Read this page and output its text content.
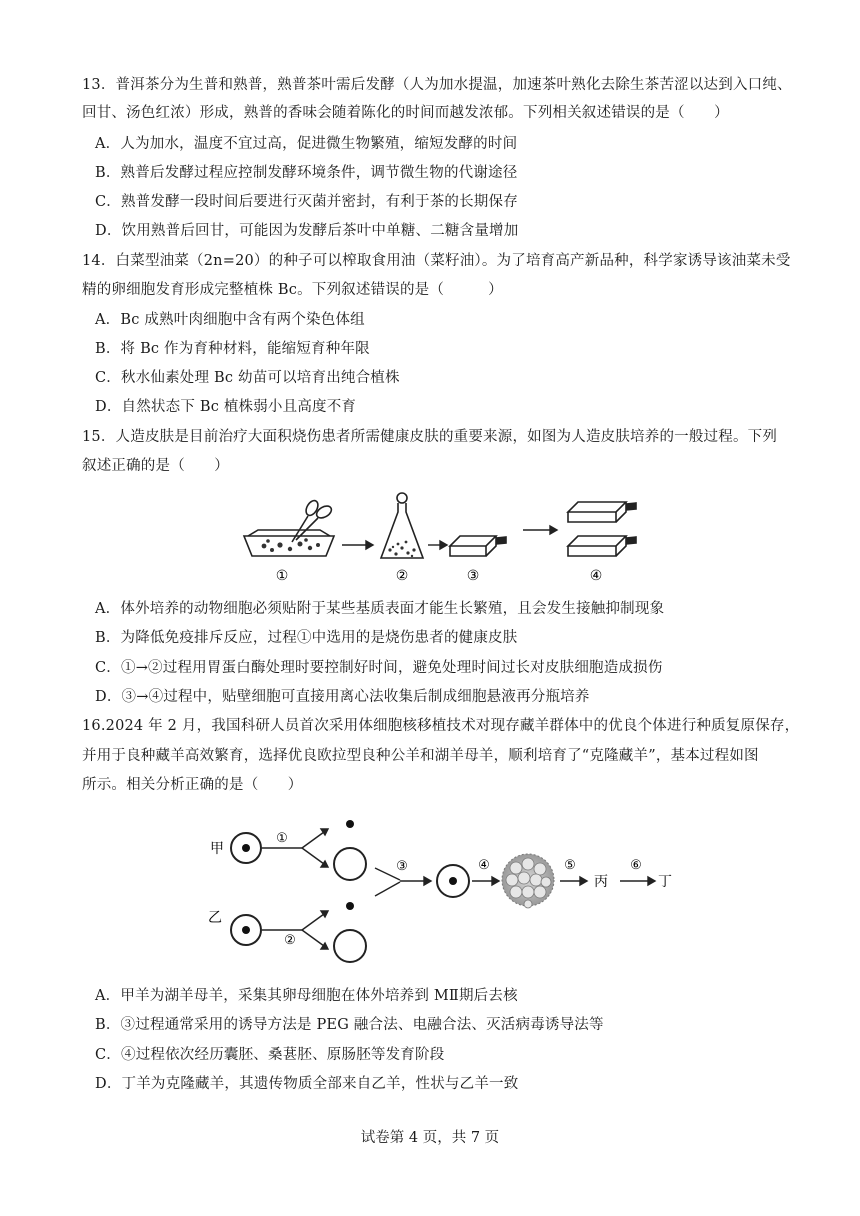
13．普洱茶分为生普和熟普，熟普茶叶需后发酵（人为加水提温，加速茶叶熟化去除生茶苦涩以达到入口纯、
回甘、汤色红浓）形成，熟普的香味会随着陈化的时间而越发浓郁。下列相关叙述错误的是（　　）
A．人为加水，温度不宜过高，促进微生物繁殖，缩短发酵的时间
B．熟普后发酵过程应控制发酵环境条件，调节微生物的代谢途径
C．熟普发酵一段时间后要进行灭菌并密封，有利于茶的长期保存
D．饮用熟普后回甘，可能因为发酵后茶叶中单糖、二糖含量增加
14．白菜型油菜（2n=20）的种子可以榨取食用油（菜籽油）。为了培育高产新品种，科学家诱导该油菜未受
精的卵细胞发育形成完整植株 Bc。下列叙述错误的是（　　　）
A．Bc 成熟叶肉细胞中含有两个染色体组
B．将 Bc 作为育种材料，能缩短育种年限
C．秋水仙素处理 Bc 幼苗可以培育出纯合植株
D．自然状态下 Bc 植株弱小且高度不育
15．人造皮肤是目前治疗大面积烧伤患者所需健康皮肤的重要来源，如图为人造皮肤培养的一般过程。下列
叙述正确的是（　　）
①	②	③	④
A．体外培养的动物细胞必须贴附于某些基质表面才能生长繁殖，且会发生接触抑制现象
B．为降低免疫排斥反应，过程①中选用的是烧伤患者的健康皮肤
C．①→②过程用胃蛋白酶处理时要控制好时间，避免处理时间过长对皮肤细胞造成损伤
D．③→④过程中，贴壁细胞可直接用离心法收集后制成细胞悬液再分瓶培养
16.2024 年 2 月，我国科研人员首次采用体细胞核移植技术对现存藏羊群体中的优良个体进行种质复原保存，
并用于良种藏羊高效繁育，选择优良欧拉型良种公羊和湖羊母羊，顺利培育了“克隆藏羊”，基本过程如图
所示。相关分析正确的是（　　）
甲
①
乙
②
③	④	⑤
丙
⑥
丁
A．甲羊为湖羊母羊，采集其卵母细胞在体外培养到 MⅡ期后去核
B．③过程通常采用的诱导方法是 PEG 融合法、电融合法、灭活病毒诱导法等
C．④过程依次经历囊胚、桑葚胚、原肠胚等发育阶段
D．丁羊为克隆藏羊，其遗传物质全部来自乙羊，性状与乙羊一致
试卷第 4 页，共 7 页
